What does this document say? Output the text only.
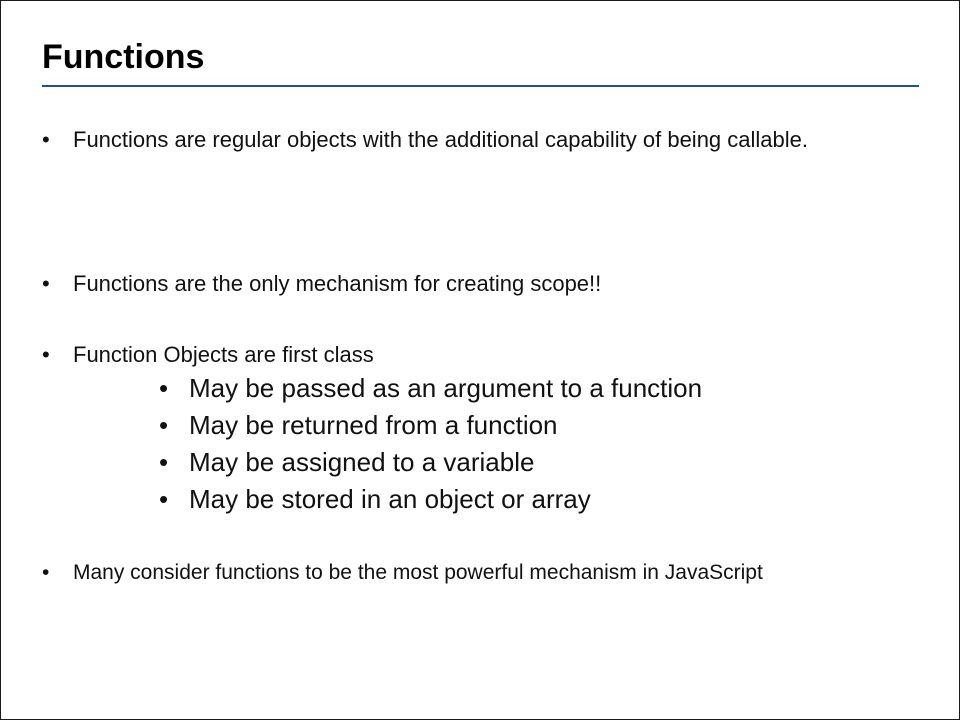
Functions
•	Functions are regular objects with the additional capability of being callable.
•	Functions are the only mechanism for creating scope!!
•	Function Objects are first class
• May be passed as an argument to a function
• May be returned from a function
• May be assigned to a variable
• May be stored in an object or array
•	Many consider functions to be the most powerful mechanism in JavaScript
